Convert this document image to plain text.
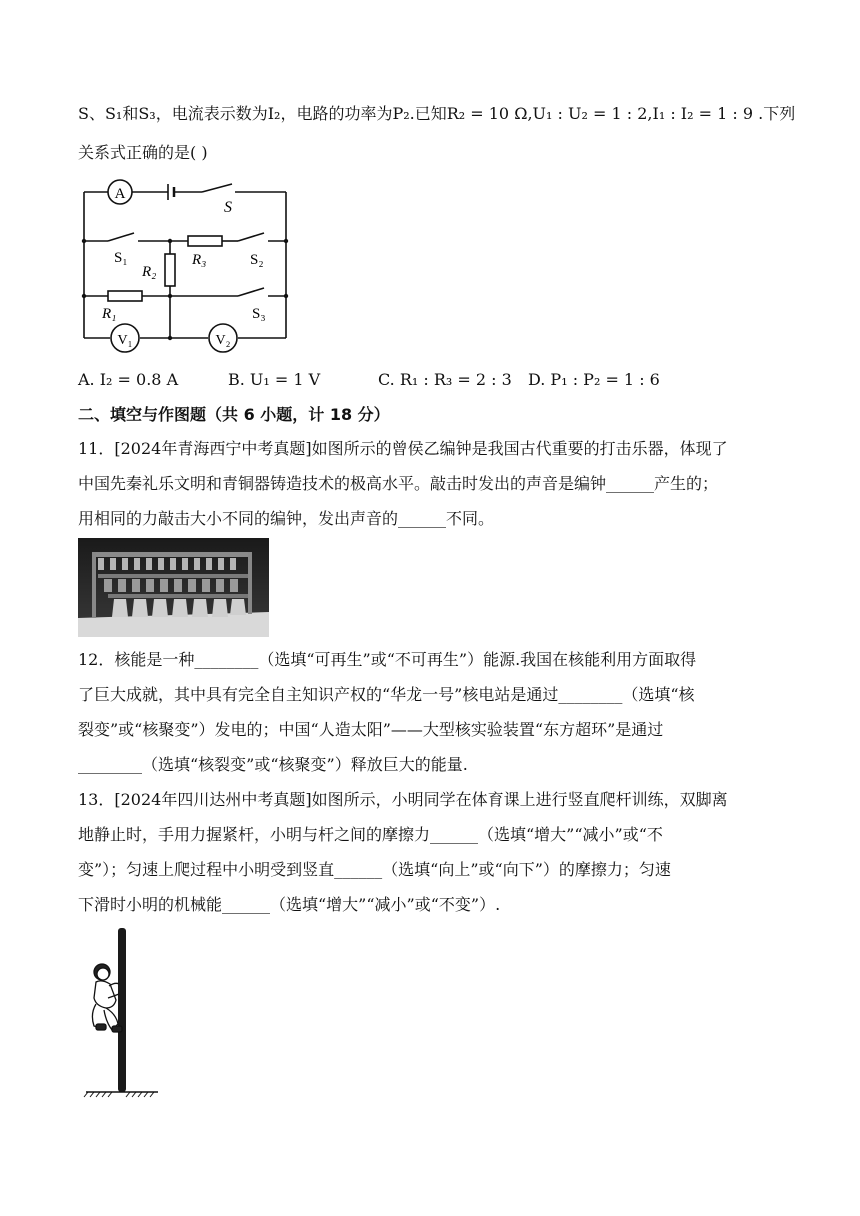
S、S₁和S₃，电流表示数为I₂，电路的功率为P₂.已知R₂ = 10 Ω,U₁ : U₂ = 1 : 2,I₁ : I₂ = 1 : 9 .下列
关系式正确的是( )
A
S
S₁	R₃	S₂
R₂
S₃
R₁
V₁	V₂
A. I₂ = 0.8 A	B. U₁ = 1 V	C. R₁ : R₃ = 2 : 3 D. P₁ : P₂ = 1 : 6
二、填空与作图题（共 6 小题，计 18 分）
11．[2024年青海西宁中考真题]如图所示的曾侯乙编钟是我国古代重要的打击乐器，体现了
中国先秦礼乐文明和青铜器铸造技术的极高水平。敲击时发出的声音是编钟______产生的；
用相同的力敲击大小不同的编钟，发出声音的______不同。
12．核能是一种________（选填“可再生”或“不可再生”）能源.我国在核能利用方面取得
了巨大成就，其中具有完全自主知识产权的“华龙一号”核电站是通过________（选填“核
裂变”或“核聚变”）发电的；中国“人造太阳”——大型核实验装置“东方超环”是通过
________（选填“核裂变”或“核聚变”）释放巨大的能量.
13．[2024年四川达州中考真题]如图所示，小明同学在体育课上进行竖直爬杆训练，双脚离
地静止时，手用力握紧杆，小明与杆之间的摩擦力______（选填“增大”“减小”或“不
变”）；匀速上爬过程中小明受到竖直______（选填“向上”或“向下”）的摩擦力；匀速
下滑时小明的机械能______（选填“增大”“减小”或“不变”）.
